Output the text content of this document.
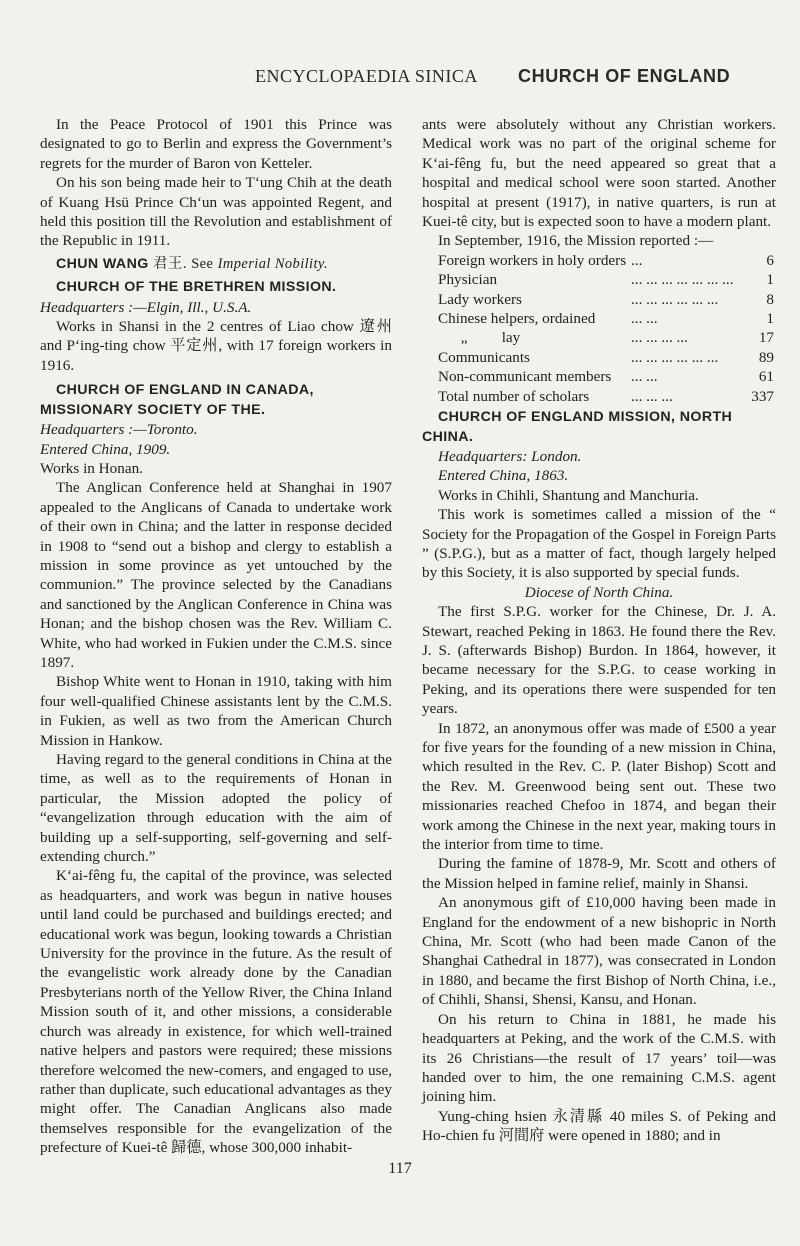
ENCYCLOPAEDIA SINICA CHURCH OF ENGLAND

In the Peace Protocol of 1901 this Prince was designated to go to Berlin and express the Government’s regrets for the murder of Baron von Ketteler.

On his son being made heir to T‘ung Chih at the death of Kuang Hsü Prince Ch‘un was appointed Regent, and held this position till the Revolution and establishment of the Republic in 1911.

CHUN WANG 君王. See Imperial Nobility.

CHURCH OF THE BRETHREN MISSION.

Headquarters :—Elgin, Ill., U.S.A.

Works in Shansi in the 2 centres of Liao chow 遼州 and P‘ing-ting chow 平定州, with 17 foreign workers in 1916.

CHURCH OF ENGLAND IN CANADA, MISSIONARY SOCIETY OF THE.

Headquarters :—Toronto.

Entered China, 1909.

Works in Honan.

The Anglican Conference held at Shanghai in 1907 appealed to the Anglicans of Canada to undertake work of their own in China; and the latter in response decided in 1908 to “send out a bishop and clergy to establish a mission in some province as yet untouched by the communion.” The province selected by the Canadians and sanctioned by the Anglican Conference in China was Honan; and the bishop chosen was the Rev. William C. White, who had worked in Fukien under the C.M.S. since 1897.

Bishop White went to Honan in 1910, taking with him four well-qualified Chinese assistants lent by the C.M.S. in Fukien, as well as two from the American Church Mission in Hankow.

Having regard to the general conditions in China at the time, as well as to the requirements of Honan in particular, the Mission adopted the policy of “evangelization through education with the aim of building up a self-supporting, self-governing and self-extending church.”

K‘ai-fêng fu, the capital of the province, was selected as headquarters, and work was begun in native houses until land could be purchased and buildings erected; and educational work was begun, looking towards a Christian University for the province in the future. As the result of the evangelistic work already done by the Canadian Presbyterians north of the Yellow River, the China Inland Mission south of it, and other missions, a considerable church was already in existence, for which well-trained native helpers and pastors were required; these missions therefore welcomed the new-comers, and engaged to use, rather than duplicate, such educational advantages as they might offer. The Canadian Anglicans also made themselves responsible for the evangelization of the prefecture of Kuei-tê 歸德, whose 300,000 inhabit-

ants were absolutely without any Christian workers. Medical work was no part of the original scheme for K‘ai-fêng fu, but the need appeared so great that a hospital and medical school were soon started. Another hospital at present (1917), in native quarters, is run at Kuei-tê city, but is expected soon to have a modern plant.

In September, 1916, the Mission reported :—

Foreign workers in holy orders	...	6
Physician	... ... ... ... ... ... ...	1
Lady workers	... ... ... ... ... ...	8
Chinese helpers, ordained	... ...	1
„         lay	... ... ... ...	17
Communicants	... ... ... ... ... ...	89
Non-communicant members	... ...	61
Total number of scholars	... ... ...	337

CHURCH OF ENGLAND MISSION, NORTH CHINA.

Headquarters: London.

Entered China, 1863.

Works in Chihli, Shantung and Manchuria.

This work is sometimes called a mission of the “ Society for the Propagation of the Gospel in Foreign Parts ” (S.P.G.), but as a matter of fact, though largely helped by this Society, it is also supported by special funds.

Diocese of North China.

The first S.P.G. worker for the Chinese, Dr. J. A. Stewart, reached Peking in 1863. He found there the Rev. J. S. (afterwards Bishop) Burdon. In 1864, however, it became necessary for the S.P.G. to cease working in Peking, and its operations there were suspended for ten years.

In 1872, an anonymous offer was made of £500 a year for five years for the founding of a new mission in China, which resulted in the Rev. C. P. (later Bishop) Scott and the Rev. M. Greenwood being sent out. These two missionaries reached Chefoo in 1874, and began their work among the Chinese in the next year, making tours in the interior from time to time.

During the famine of 1878-9, Mr. Scott and others of the Mission helped in famine relief, mainly in Shansi.

An anonymous gift of £10,000 having been made in England for the endowment of a new bishopric in North China, Mr. Scott (who had been made Canon of the Shanghai Cathedral in 1877), was consecrated in London in 1880, and became the first Bishop of North China, i.e., of Chihli, Shansi, Shensi, Kansu, and Honan.

On his return to China in 1881, he made his headquarters at Peking, and the work of the C.M.S. with its 26 Christians—the result of 17 years’ toil—was handed over to him, the one remaining C.M.S. agent joining him.

Yung-ching hsien 永清縣 40 miles S. of Peking and Ho-chien fu 河間府 were opened in 1880; and in

117
